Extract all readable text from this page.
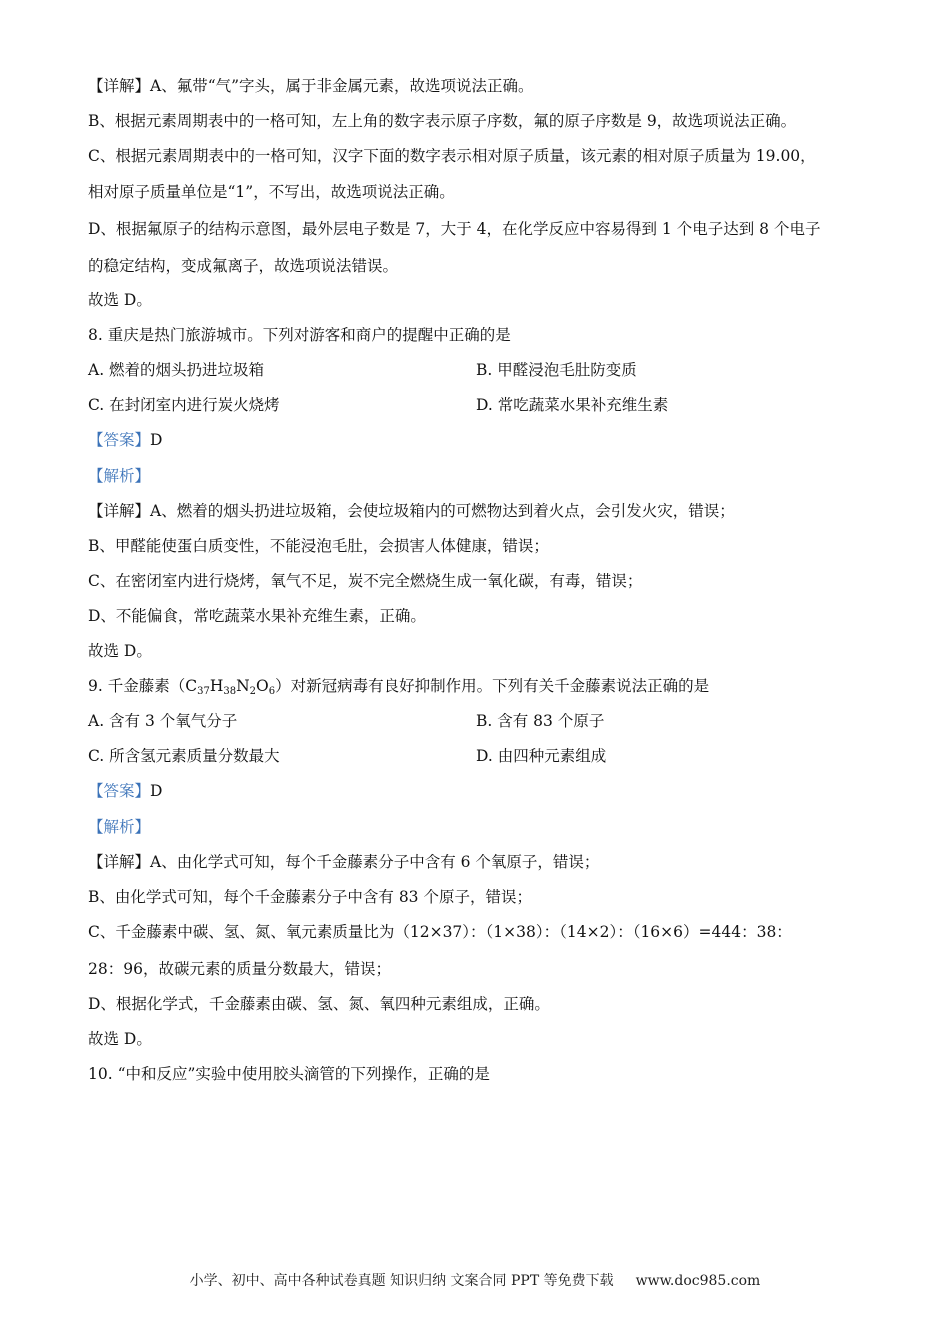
【详解】A、氟带“气”字头，属于非金属元素，故选项说法正确。
B、根据元素周期表中的一格可知，左上角的数字表示原子序数，氟的原子序数是 9，故选项说法正确。
C、根据元素周期表中的一格可知，汉字下面的数字表示相对原子质量，该元素的相对原子质量为 19.00，
相对原子质量单位是“1”，不写出，故选项说法正确。
D、根据氟原子的结构示意图，最外层电子数是 7，大于 4，在化学反应中容易得到 1 个电子达到 8 个电子
的稳定结构，变成氟离子，故选项说法错误。
故选 D。
8. 重庆是热门旅游城市。下列对游客和商户的提醒中正确的是
A. 燃着的烟头扔进垃圾箱	B. 甲醛浸泡毛肚防变质
C. 在封闭室内进行炭火烧烤	D. 常吃蔬菜水果补充维生素
【答案】D
【解析】
【详解】A、燃着的烟头扔进垃圾箱，会使垃圾箱内的可燃物达到着火点，会引发火灾，错误；
B、甲醛能使蛋白质变性，不能浸泡毛肚，会损害人体健康，错误；
C、在密闭室内进行烧烤，氧气不足，炭不完全燃烧生成一氧化碳，有毒，错误；
D、不能偏食，常吃蔬菜水果补充维生素，正确。
故选 D。
9. 千金藤素$(C_{37}H_{38}N_2O_6)$对新冠病毒有良好抑制作用。下列有关千金藤素说法正确的是
A. 含有 3 个氧气分子	B. 含有 83 个原子
C. 所含氢元素质量分数最大	D. 由四种元素组成
【答案】D
【解析】
【详解】A、由化学式可知，每个千金藤素分子中含有 6 个氧原子，错误；
B、由化学式可知，每个千金藤素分子中含有 83 个原子，错误；
C、千金藤素中碳、氢、氮、氧元素质量比为（12×37）：（1×38）：（14×2）：（16×6）=444：38：
28：96，故碳元素的质量分数最大，错误；
D、根据化学式，千金藤素由碳、氢、氮、氧四种元素组成，正确。
故选 D。
10. “中和反应”实验中使用胶头滴管的下列操作，正确的是
小学、初中、高中各种试卷真题 知识归纳 文案合同 PPT 等免费下载 www.doc985.com
